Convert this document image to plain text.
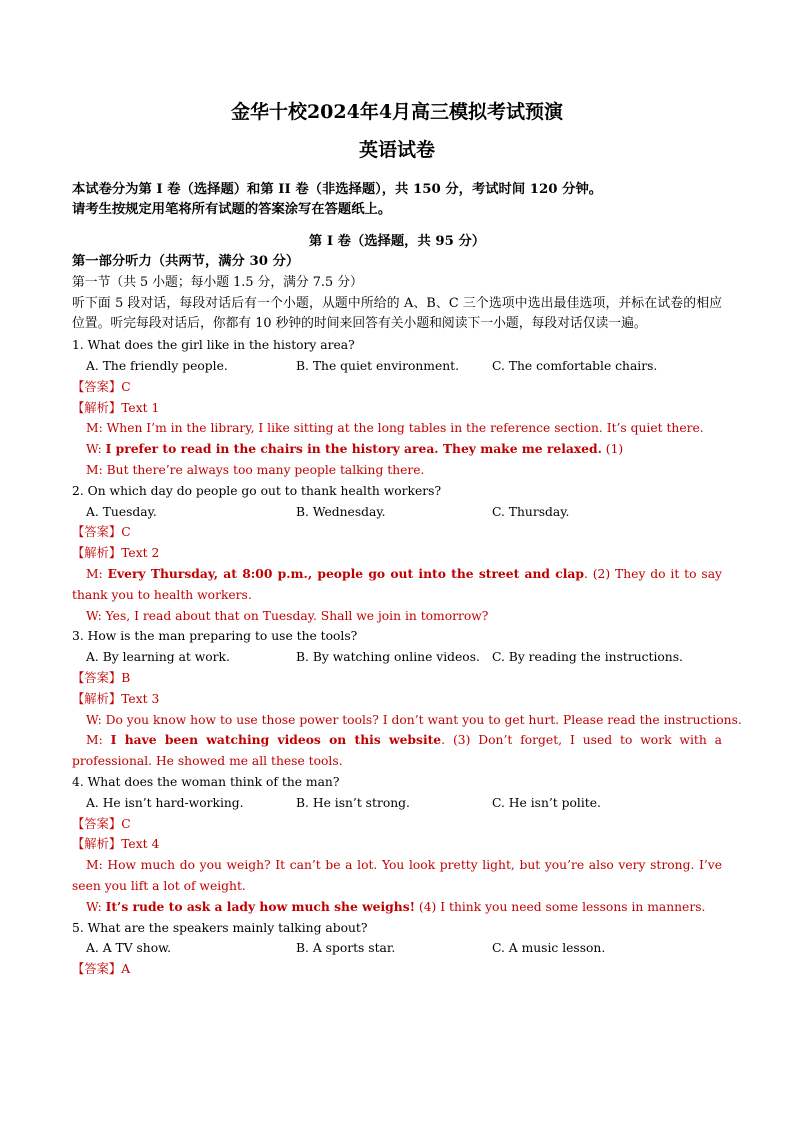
金华十校2024年4月高三模拟考试预演

英语试卷

本试卷分为第 I 卷（选择题）和第 II 卷（非选择题），共 150 分，考试时间 120 分钟。
请考生按规定用笔将所有试题的答案涂写在答题纸上。
第 I 卷（选择题，共 95 分）
第一部分听力（共两节，满分 30 分）
第一节（共 5 小题；每小题 1.5 分，满分 7.5 分）
听下面 5 段对话，每段对话后有一个小题，从题中所给的 A、B、C 三个选项中选出最佳选项，并标在试卷的相应位置。听完每段对话后，你都有 10 秒钟的时间来回答有关小题和阅读下一小题，每段对话仅读一遍。
1. What does the girl like in the history area?
A. The friendly people.	B. The quiet environment.	C. The comfortable chairs.
【答案】C
【解析】Text 1
M: When I’m in the library, I like sitting at the long tables in the reference section. It’s quiet there.
W: I prefer to read in the chairs in the history area. They make me relaxed. (1)
M: But there’re always too many people talking there.
2. On which day do people go out to thank health workers?
A. Tuesday.	B. Wednesday.	C. Thursday.
【答案】C
【解析】Text 2
M: Every Thursday, at 8:00 p.m., people go out into the street and clap. (2) They do it to say thank you to health workers.
W: Yes, I read about that on Tuesday. Shall we join in tomorrow?
3. How is the man preparing to use the tools?
A. By learning at work.	B. By watching online videos. C. By reading the instructions.
【答案】B
【解析】Text 3
W: Do you know how to use those power tools? I don’t want you to get hurt. Please read the instructions.
M: I have been watching videos on this website. (3) Don’t forget, I used to work with a professional. He showed me all these tools.
4. What does the woman think of the man?
A. He isn’t hard-working.	B. He isn’t strong.	C. He isn’t polite.
【答案】C
【解析】Text 4
M: How much do you weigh? It can’t be a lot. You look pretty light, but you’re also very strong. I’ve seen you lift a lot of weight.
W: It’s rude to ask a lady how much she weighs! (4) I think you need some lessons in manners.
5. What are the speakers mainly talking about?
A. A TV show.	B. A sports star.	C. A music lesson.
【答案】A
